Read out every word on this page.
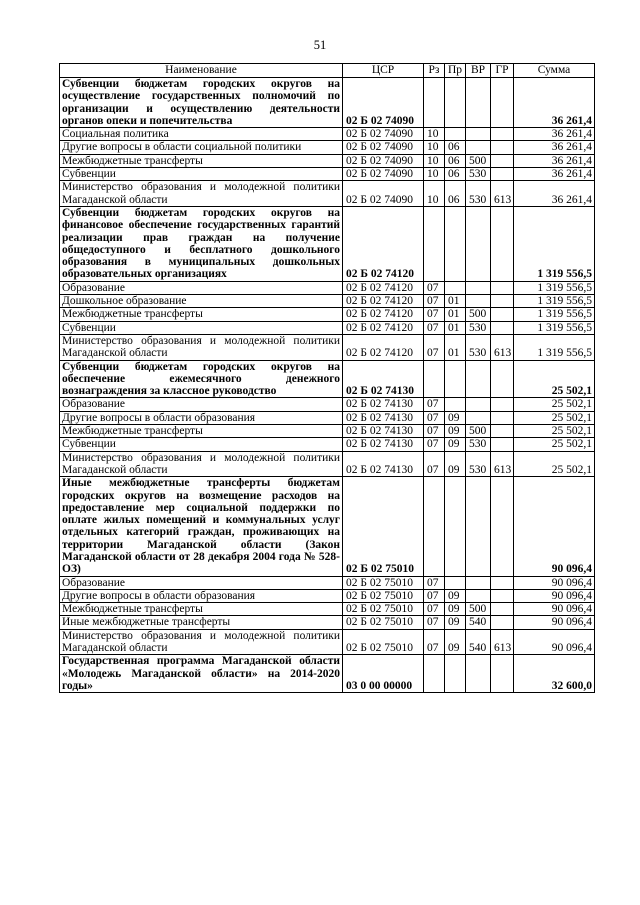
51
Наименование	ЦСР	Рз	Пр	ВР	ГР	Сумма
Субвенции бюджетам городских округов на осуществление государственных полномочий по организации и осуществлению деятельности органов опеки и попечительства	02 Б 02 74090					36 261,4
Социальная политика	02 Б 02 74090	10				36 261,4
Другие вопросы в области социальной политики	02 Б 02 74090	10	06			36 261,4
Межбюджетные трансферты	02 Б 02 74090	10	06	500		36 261,4
Субвенции	02 Б 02 74090	10	06	530		36 261,4
Министерство образования и молодежной политики Магаданской области	02 Б 02 74090	10	06	530	613	36 261,4
Субвенции бюджетам городских округов на финансовое обеспечение государственных гарантий реализации прав граждан на получение общедоступного и бесплатного дошкольного образования в муниципальных дошкольных образовательных организациях	02 Б 02 74120					1 319 556,5
Образование	02 Б 02 74120	07				1 319 556,5
Дошкольное образование	02 Б 02 74120	07	01			1 319 556,5
Межбюджетные трансферты	02 Б 02 74120	07	01	500		1 319 556,5
Субвенции	02 Б 02 74120	07	01	530		1 319 556,5
Министерство образования и молодежной политики Магаданской области	02 Б 02 74120	07	01	530	613	1 319 556,5
Субвенции бюджетам городских округов на обеспечение ежемесячного денежного вознаграждения за классное руководство	02 Б 02 74130					25 502,1
Образование	02 Б 02 74130	07				25 502,1
Другие вопросы в области образования	02 Б 02 74130	07	09			25 502,1
Межбюджетные трансферты	02 Б 02 74130	07	09	500		25 502,1
Субвенции	02 Б 02 74130	07	09	530		25 502,1
Министерство образования и молодежной политики Магаданской области	02 Б 02 74130	07	09	530	613	25 502,1
Иные межбюджетные трансферты бюджетам городских округов на возмещение расходов на предоставление мер социальной поддержки по оплате жилых помещений и коммунальных услуг отдельных категорий граждан, проживающих на территории Магаданской области (Закон Магаданской области от 28 декабря 2004 года № 528-ОЗ)	02 Б 02 75010					90 096,4
Образование	02 Б 02 75010	07				90 096,4
Другие вопросы в области образования	02 Б 02 75010	07	09			90 096,4
Межбюджетные трансферты	02 Б 02 75010	07	09	500		90 096,4
Иные межбюджетные трансферты	02 Б 02 75010	07	09	540		90 096,4
Министерство образования и молодежной политики Магаданской области	02 Б 02 75010	07	09	540	613	90 096,4
Государственная программа Магаданской области «Молодежь Магаданской области» на 2014-2020 годы»	03 0 00 00000					32 600,0
